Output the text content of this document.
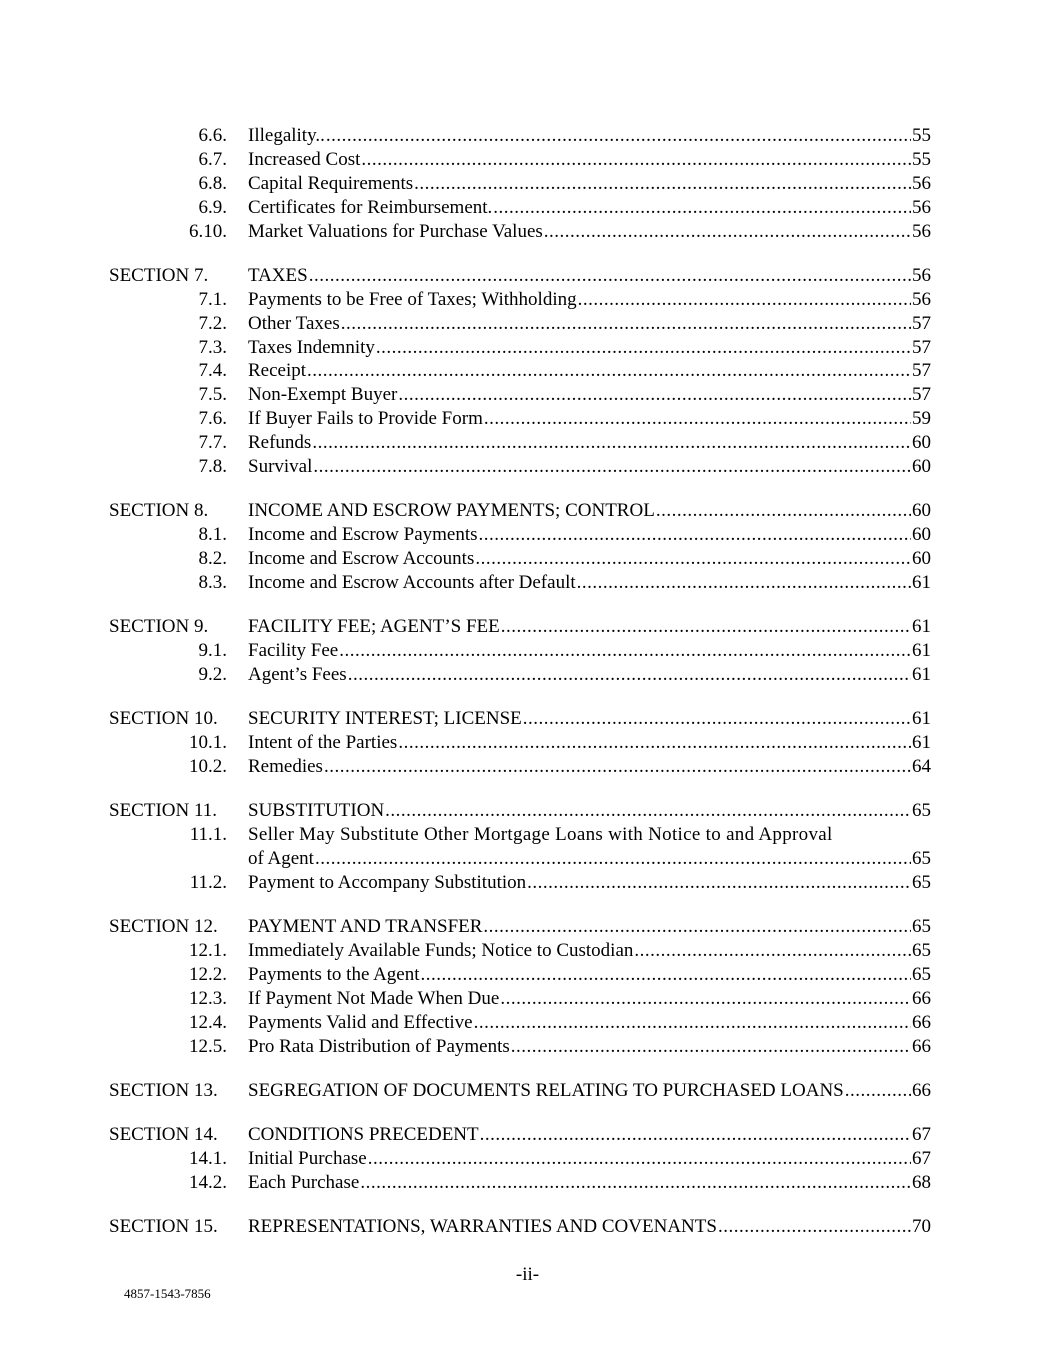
6.6. Illegality.. .....	55
6.7. Increased Cost .....	55
6.8. Capital Requirements .....	56
6.9. Certificates for Reimbursement. .....	56
6.10. Market Valuations for Purchase Values .....	56
SECTION 7. TAXES .....	56
7.1. Payments to be Free of Taxes; Withholding .....	56
7.2. Other Taxes .....	57
7.3. Taxes Indemnity .....	57
7.4. Receipt .....	57
7.5. Non-Exempt Buyer .....	57
7.6. If Buyer Fails to Provide Form .....	59
7.7. Refunds .....	60
7.8. Survival .....	60
SECTION 8. INCOME AND ESCROW PAYMENTS; CONTROL .....	60
8.1. Income and Escrow Payments .....	60
8.2. Income and Escrow Accounts .....	60
8.3. Income and Escrow Accounts after Default .....	61
SECTION 9. FACILITY FEE; AGENT’S FEE .....	61
9.1. Facility Fee .....	61
9.2. Agent’s Fees .....	61
SECTION 10. SECURITY INTEREST; LICENSE .....	61
10.1. Intent of the Parties .....	61
10.2. Remedies .....	64
SECTION 11. SUBSTITUTION .....	65
11.1. Seller May Substitute Other Mortgage Loans with Notice to and Approval
of Agent .....	65
11.2. Payment to Accompany Substitution .....	65
SECTION 12. PAYMENT AND TRANSFER .....	65
12.1. Immediately Available Funds; Notice to Custodian .....	65
12.2. Payments to the Agent .....	65
12.3. If Payment Not Made When Due .....	66
12.4. Payments Valid and Effective .....	66
12.5. Pro Rata Distribution of Payments .....	66
SECTION 13. SEGREGATION OF DOCUMENTS RELATING TO PURCHASED LOANS .....	66
SECTION 14. CONDITIONS PRECEDENT .....	67
14.1. Initial Purchase .....	67
14.2. Each Purchase .....	68
SECTION 15. REPRESENTATIONS, WARRANTIES AND COVENANTS .....	70
-ii-
4857-1543-7856
